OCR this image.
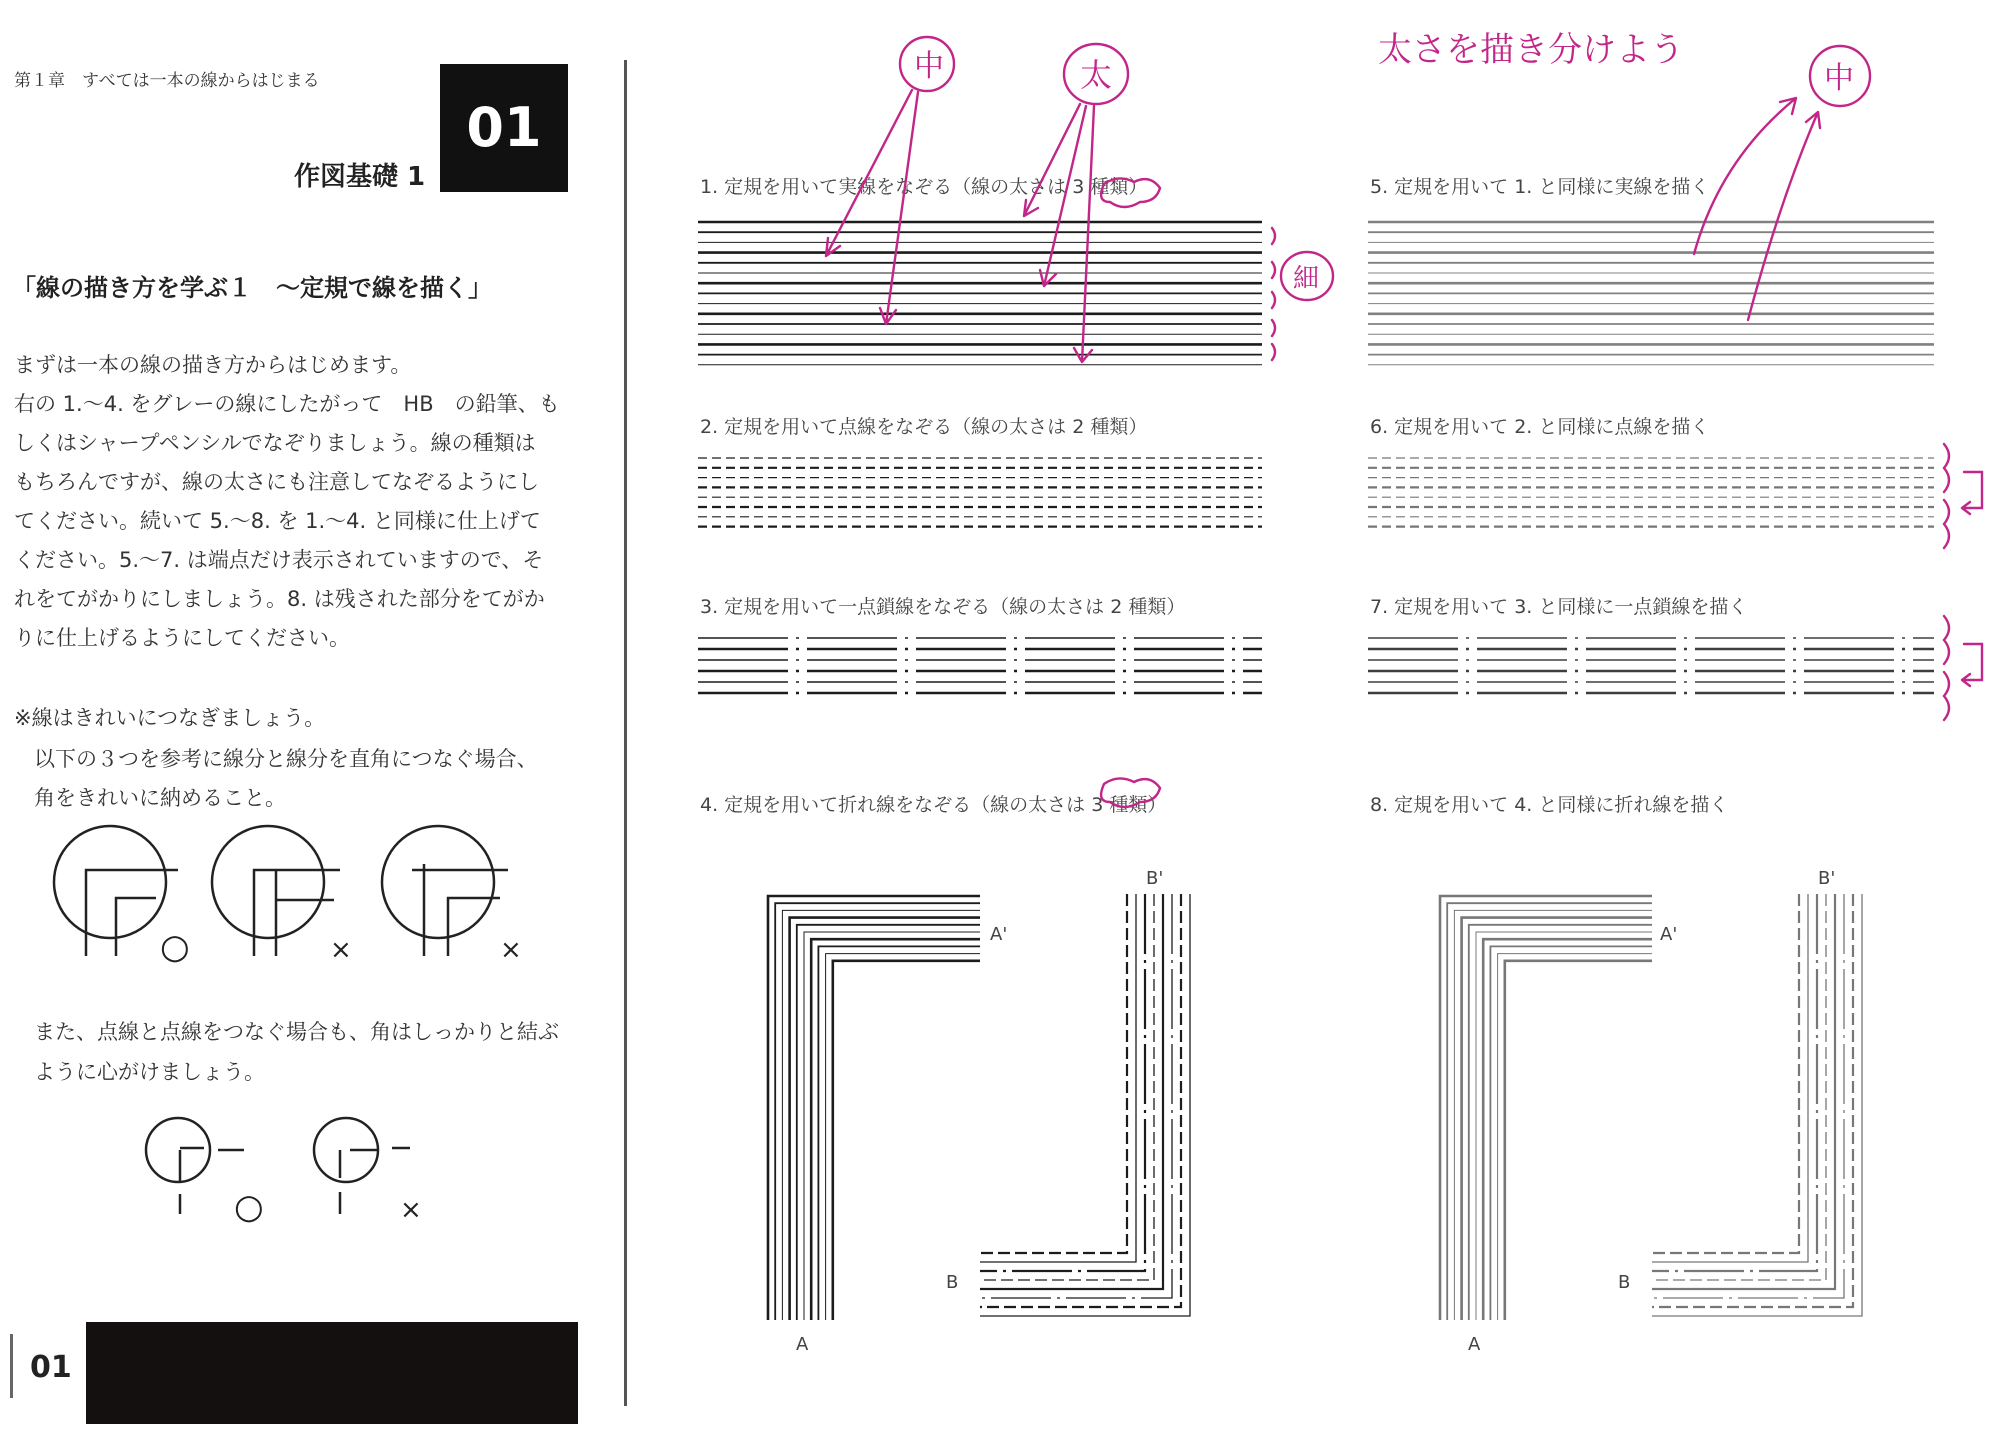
第１章　すべては一本の線からはじまる
01
作図基礎 1
「線の描き方を学ぶ１　～定規で線を描く」
まずは一本の線の描き方からはじめます。
右の 1.～4. をグレーの線にしたがって　HB　の鉛筆、も
しくはシャープペンシルでなぞりましょう。線の種類は
もちろんですが、線の太さにも注意してなぞるようにし
てください。続いて 5.～8. を 1.～4. と同様に仕上げて
ください。5.～7. は端点だけ表示されていますので、そ
れをてがかりにしましょう。8. は残された部分をてがか
りに仕上げるようにしてください。
※線はきれいにつなぎましょう。
以下の３つを参考に線分と線分を直角につなぐ場合、
角をきれいに納めること。
また、点線と点線をつなぐ場合も、角はしっかりと結ぶ
ように心がけましょう。
01
○	×	×
○	×
1. 定規を用いて実線をなぞる（線の太さは 3 種類）
2. 定規を用いて点線をなぞる（線の太さは 2 種類）
3. 定規を用いて一点鎖線をなぞる（線の太さは 2 種類）
4. 定規を用いて折れ線をなぞる（線の太さは 3 種類）
5. 定規を用いて 1. と同様に実線を描く
6. 定規を用いて 2. と同様に点線を描く
7. 定規を用いて 3. と同様に一点鎖線を描く
8. 定規を用いて 4. と同様に折れ線を描く
A'
A
B
B'
A'
A
B
B'
太さを描き分けよう
中	太	中
細
